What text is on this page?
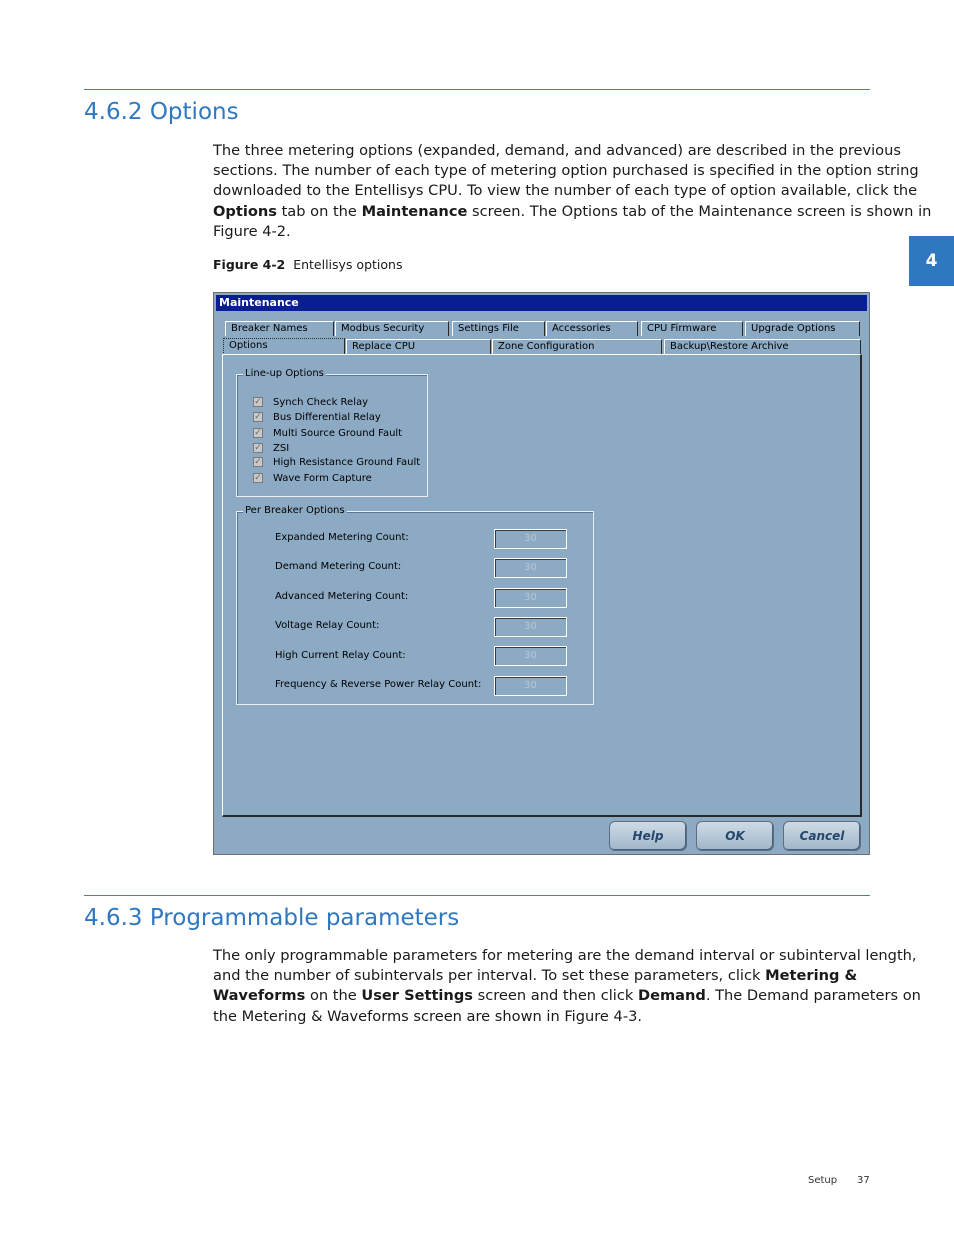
4.6.2 Options
The three metering options (expanded, demand, and advanced) are described in the previous
sections. The number of each type of metering option purchased is specified in the option string
downloaded to the Entellisys CPU. To view the number of each type of option available, click the
Options tab on the Maintenance screen. The Options tab of the Maintenance screen is shown in
Figure 4-2.
Figure 4-2 Entellisys options	4
Maintenance
Breaker Names	Modbus Security	Settings File	Accessories	CPU Firmware	Upgrade Options
Options	Replace CPU	Zone Configuration	Backup\Restore Archive
Line-up Options
✓ Synch Check Relay
✓ Bus Differential Relay
✓ Multi Source Ground Fault
✓ ZSI
✓ High Resistance Ground Fault
✓ Wave Form Capture
Per Breaker Options
Expanded Metering Count:	30
Demand Metering Count:	30
Advanced Metering Count:	30
Voltage Relay Count:	30
High Current Relay Count:	30
Frequency & Reverse Power Relay Count:	30
Help	OK	Cancel
4.6.3 Programmable parameters
The only programmable parameters for metering are the demand interval or subinterval length,
and the number of subintervals per interval. To set these parameters, click Metering &
Waveforms on the User Settings screen and then click Demand. The Demand parameters on
the Metering & Waveforms screen are shown in Figure 4-3.
Setup 37
